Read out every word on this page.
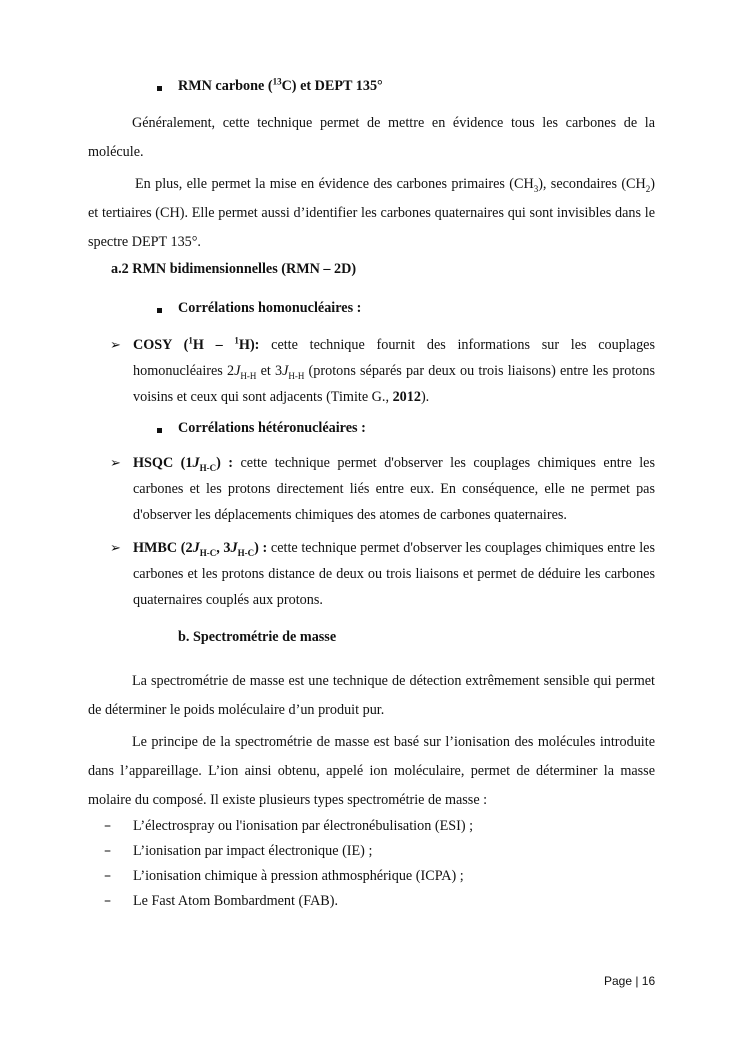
RMN carbone ($^{13}$C) et DEPT 135°

Généralement, cette technique permet de mettre en évidence tous les carbones de la molécule.

En plus, elle permet la mise en évidence des carbones primaires $(CH_3)$, secondaires $(CH_2)$ et tertiaires (CH). Elle permet aussi d’identifier les carbones quaternaires qui sont invisibles dans le spectre DEPT 135°.

a.2 RMN bidimensionnelles (RMN – 2D)
Corrélations homonucléaires :
➢ COSY ($^1$H – $^1$H): cette technique fournit des informations sur les couplages homonucléaires $2J_{H-H}$ et $3J_{H-H}$ (protons séparés par deux ou trois liaisons) entre les protons voisins et ceux qui sont adjacents (Timite G., 2012).

Corrélations hétéronucléaires :
➢ HSQC $(1J_{H-C})$ : cette technique permet d'observer les couplages chimiques entre les carbones et les protons directement liés entre eux. En conséquence, elle ne permet pas d'observer les déplacements chimiques des atomes de carbones quaternaires.

➢ HMBC ($2J_{H-C}$, $3J_{H-C}$) : cette technique permet d'observer les couplages chimiques entre les carbones et les protons distance de deux ou trois liaisons et permet de déduire les carbones quaternaires couplés aux protons.

b. Spectrométrie de masse

La spectrométrie de masse est une technique de détection extrêmement sensible qui permet de déterminer le poids moléculaire d’un produit pur.

Le principe de la spectrométrie de masse est basé sur l’ionisation des molécules introduite dans l’appareillage. L’ion ainsi obtenu, appelé ion moléculaire, permet de déterminer la masse molaire du composé. Il existe plusieurs types spectrométrie de masse :

– L’électrospray ou l'ionisation par électronébulisation (ESI) ;
– L’ionisation par impact électronique (IE) ;
– L’ionisation chimique à pression athmosphérique (ICPA) ;
– Le Fast Atom Bombardment (FAB).
Page | 16
